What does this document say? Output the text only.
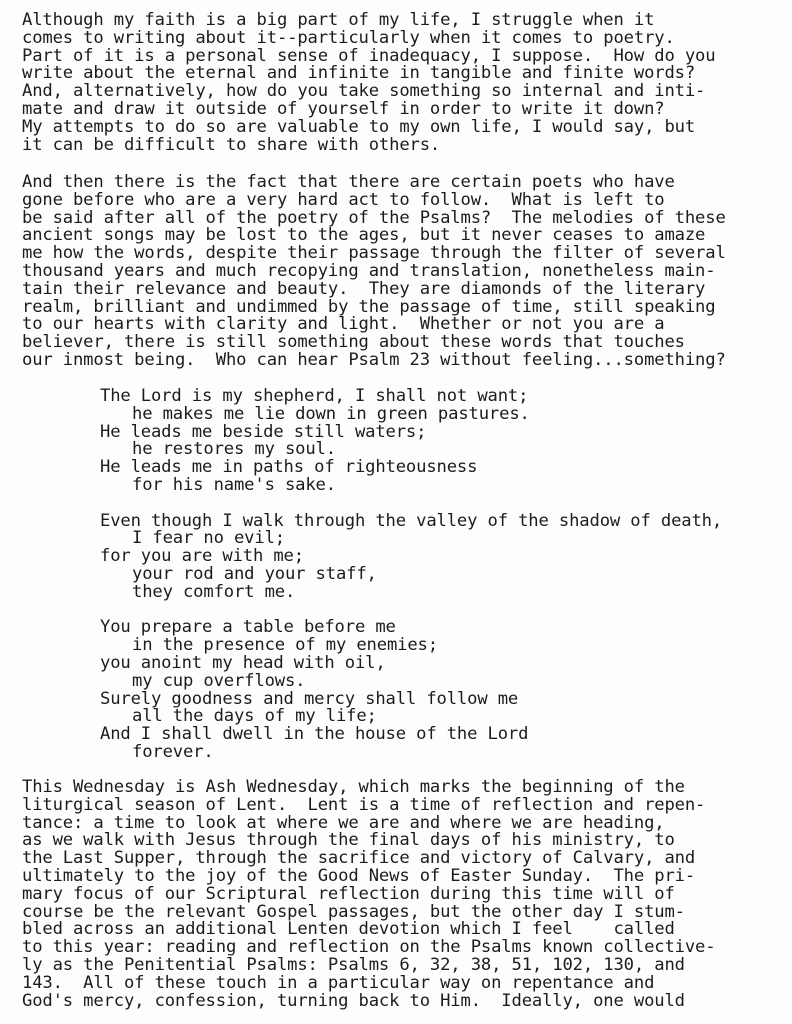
Although my faith is a big part of my life, I struggle when it
comes to writing about it--particularly when it comes to poetry.
Part of it is a personal sense of inadequacy, I suppose.  How do you
write about the eternal and infinite in tangible and finite words?
And, alternatively, how do you take something so internal and inti-
mate and draw it outside of yourself in order to write it down?
My attempts to do so are valuable to my own life, I would say, but
it can be difficult to share with others.
And then there is the fact that there are certain poets who have
gone before who are a very hard act to follow.  What is left to
be said after all of the poetry of the Psalms?  The melodies of these
ancient songs may be lost to the ages, but it never ceases to amaze
me how the words, despite their passage through the filter of several
thousand years and much recopying and translation, nonetheless main-
tain their relevance and beauty.  They are diamonds of the literary
realm, brilliant and undimmed by the passage of time, still speaking
to our hearts with clarity and light.  Whether or not you are a
believer, there is still something about these words that touches
our inmost being.  Who can hear Psalm 23 without feeling...something?
The Lord is my shepherd, I shall not want;
he makes me lie down in green pastures.
He leads me beside still waters;
he restores my soul.
He leads me in paths of righteousness
for his name's sake.
Even though I walk through the valley of the shadow of death,
I fear no evil;
for you are with me;
your rod and your staff,
they comfort me.
You prepare a table before me
in the presence of my enemies;
you anoint my head with oil,
my cup overflows.
Surely goodness and mercy shall follow me
all the days of my life;
And I shall dwell in the house of the Lord
forever.
This Wednesday is Ash Wednesday, which marks the beginning of the
liturgical season of Lent.  Lent is a time of reflection and repen-
tance: a time to look at where we are and where we are heading,
as we walk with Jesus through the final days of his ministry, to
the Last Supper, through the sacrifice and victory of Calvary, and
ultimately to the joy of the Good News of Easter Sunday.  The pri-
mary focus of our Scriptural reflection during this time will of
course be the relevant Gospel passages, but the other day I stum-
bled across an additional Lenten devotion which I feel    called
to this year: reading and reflection on the Psalms known collective-
ly as the Penitential Psalms: Psalms 6, 32, 38, 51, 102, 130, and
143.  All of these touch in a particular way on repentance and
God's mercy, confession, turning back to Him.  Ideally, one would
